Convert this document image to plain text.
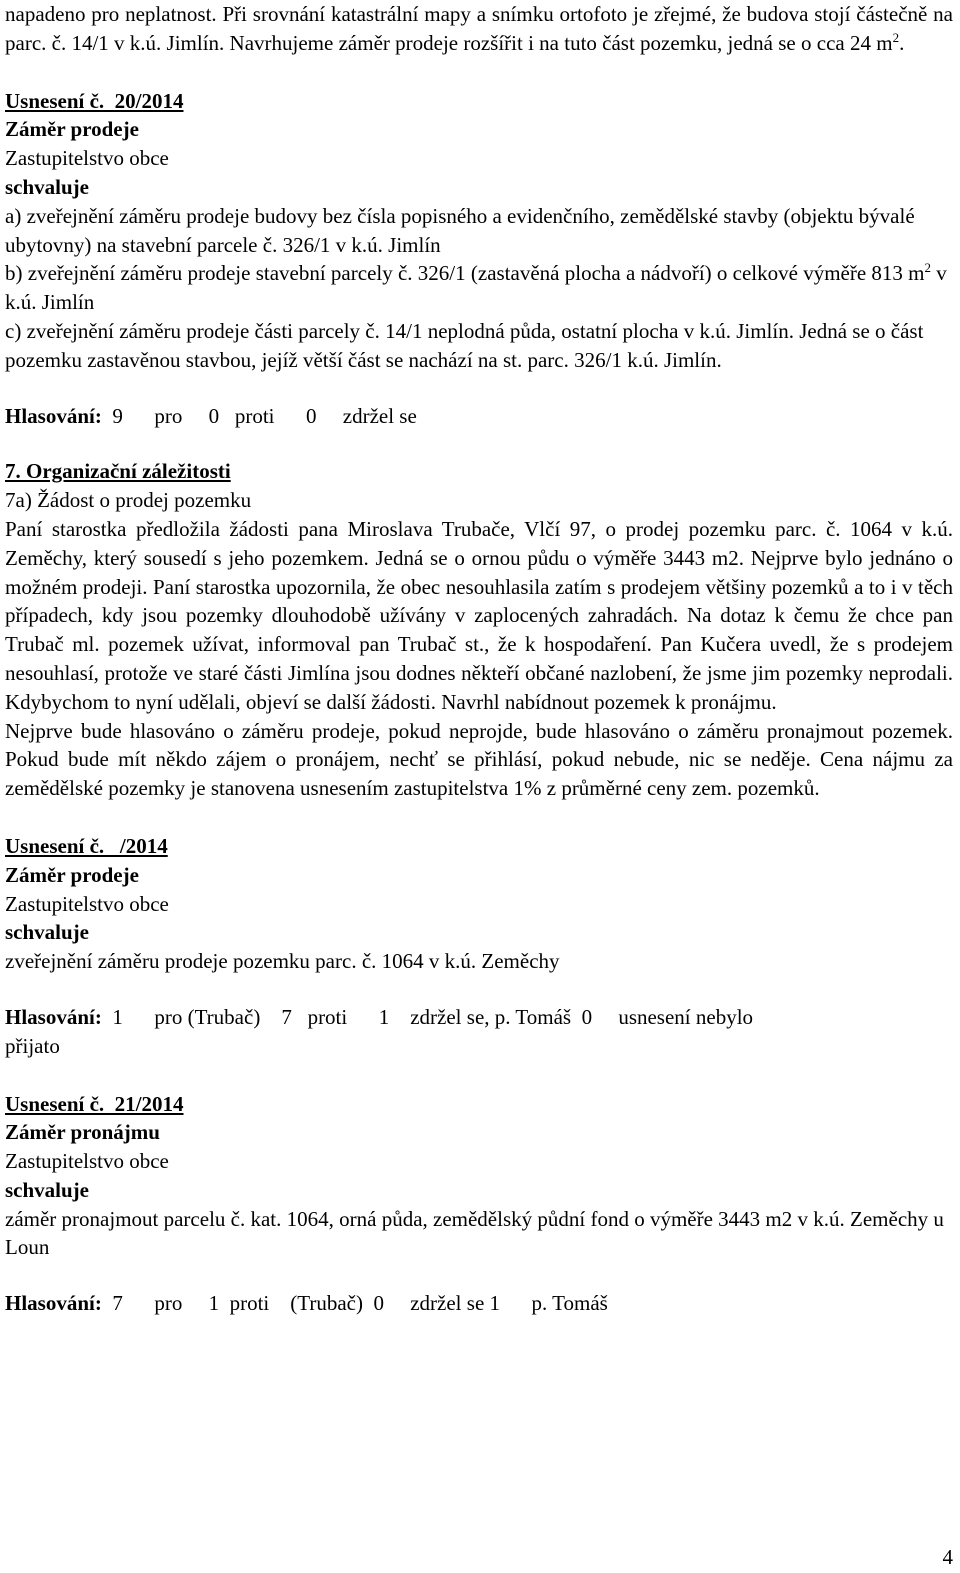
napadeno pro neplatnost. Při srovnání katastrální mapy a snímku ortofoto je zřejmé, že budova stojí částečně na parc. č. 14/1 v k.ú. Jimlín. Navrhujeme záměr prodeje rozšířit i na tuto část pozemku, jedná se o cca 24 $m^2$.

Usnesení č.  20/2014

Záměr prodeje

Zastupitelstvo obce

schvaluje

a) zveřejnění záměru prodeje budovy bez čísla popisného a evidenčního, zemědělské stavby (objektu bývalé ubytovny) na stavební parcele č. 326/1 v k.ú. Jimlín

b) zveřejnění záměru prodeje stavební parcely č. 326/1 (zastavěná plocha a nádvoří) o celkové výměře 813 $m^2$ v k.ú. Jimlín

c) zveřejnění záměru prodeje části parcely č. 14/1 neplodná půda, ostatní plocha v k.ú. Jimlín. Jedná se o část pozemku zastavěnou stavbou, jejíž větší část se nachází na st. parc. 326/1 k.ú. Jimlín.

Hlasování:  9      pro     0   proti      0     zdržel se

7. Organizační záležitosti

7a) Žádost o prodej pozemku

Paní starostka předložila žádosti pana Miroslava Trubače, Vlčí 97, o prodej pozemku parc. č. 1064 v k.ú. Zeměchy, který sousedí s jeho pozemkem. Jedná se o ornou půdu o výměře 3443 m2. Nejprve bylo jednáno o možném prodeji. Paní starostka upozornila, že obec nesouhlasila zatím s prodejem většiny pozemků a to i v těch případech, kdy jsou pozemky dlouhodobě užívány v zaplocených zahradách. Na dotaz k čemu že chce pan Trubač ml. pozemek užívat, informoval pan Trubač st., že k hospodaření. Pan Kučera uvedl, že s prodejem nesouhlasí, protože ve staré části Jimlína jsou dodnes někteří občané nazlobení, že jsme jim pozemky neprodali. Kdybychom to nyní udělali, objeví se další žádosti. Navrhl nabídnout pozemek k pronájmu.

Nejprve bude hlasováno o záměru prodeje, pokud neprojde, bude hlasováno o záměru pronajmout pozemek. Pokud bude mít někdo zájem o pronájem, nechť se přihlásí, pokud nebude, nic se neděje. Cena nájmu za zemědělské pozemky je stanovena usnesením zastupitelstva 1% z průměrné ceny zem. pozemků.

Usnesení č.   /2014

Záměr prodeje

Zastupitelstvo obce

schvaluje

zveřejnění záměru prodeje pozemku parc. č. 1064 v k.ú. Zeměchy

Hlasování:  1      pro (Trubač)    7   proti      1    zdržel se, p. Tomáš  0     usnesení nebylo

přijato

Usnesení č.  21/2014

Záměr pronájmu

Zastupitelstvo obce

schvaluje

záměr pronajmout parcelu č. kat. 1064, orná půda, zemědělský půdní fond o výměře 3443 m2 v k.ú. Zeměchy u Loun

Hlasování:  7      pro     1  proti    (Trubač)  0     zdržel se 1      p. Tomáš

4
